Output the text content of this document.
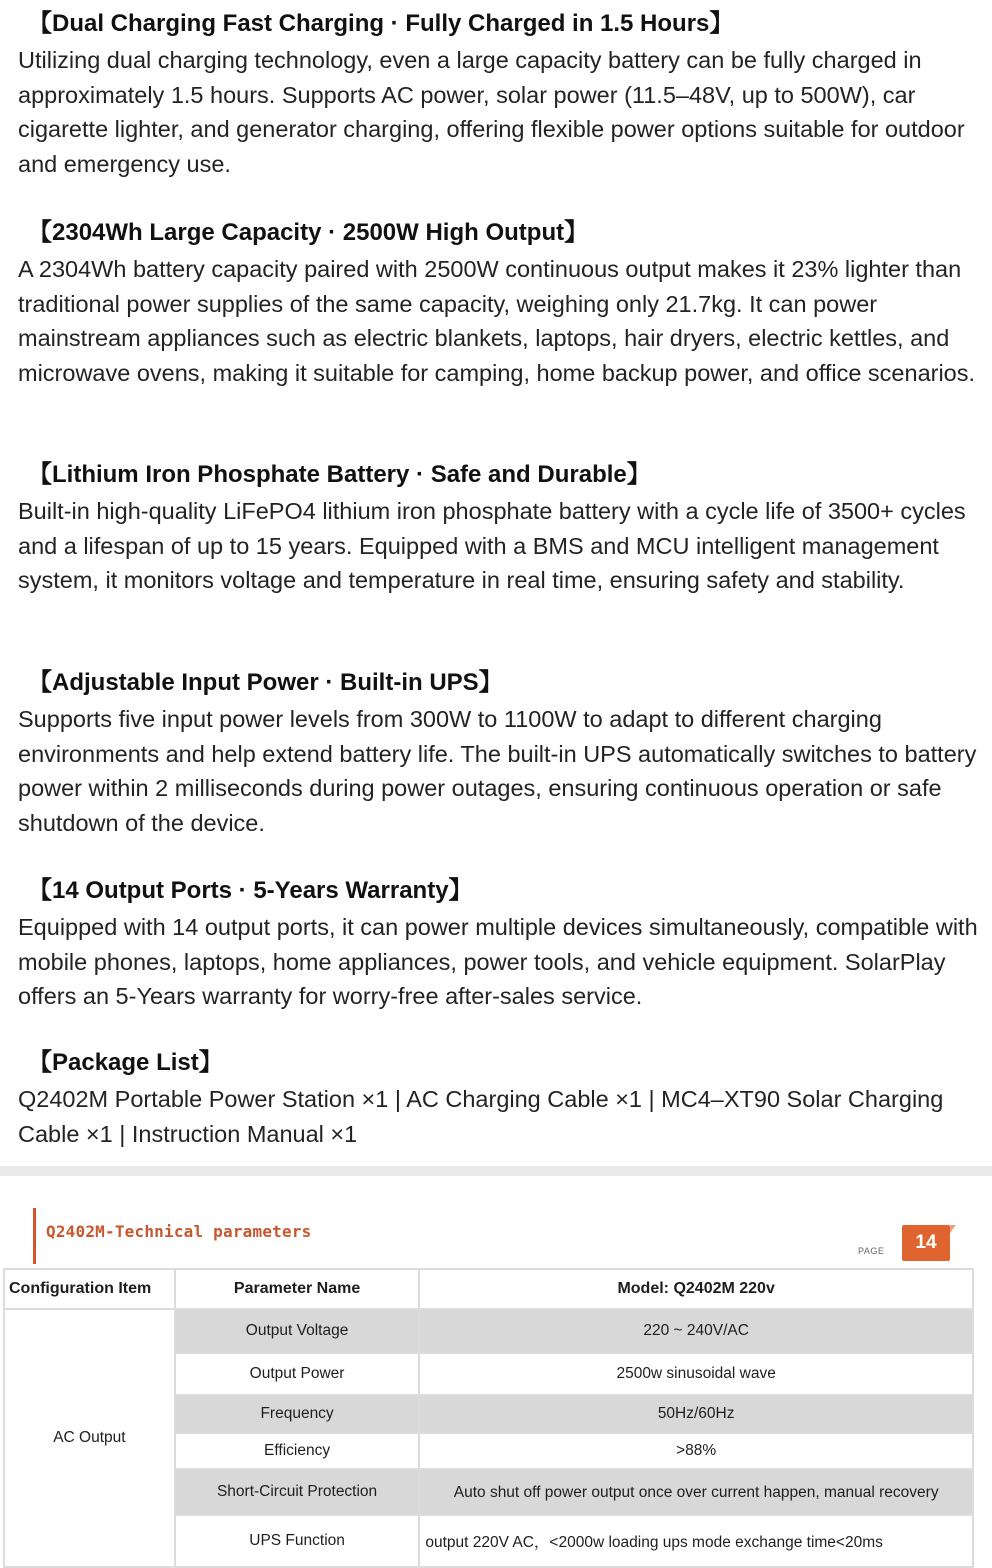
【Dual Charging Fast Charging · Fully Charged in 1.5 Hours】

Utilizing dual charging technology, even a large capacity battery can be fully charged in approximately 1.5 hours. Supports AC power, solar power (11.5–48V, up to 500W), car cigarette lighter, and generator charging, offering flexible power options suitable for outdoor and emergency use.

【2304Wh Large Capacity · 2500W High Output】

A 2304Wh battery capacity paired with 2500W continuous output makes it 23% lighter than traditional power supplies of the same capacity, weighing only 21.7kg. It can power mainstream appliances such as electric blankets, laptops, hair dryers, electric kettles, and microwave ovens, making it suitable for camping, home backup power, and office scenarios.

【Lithium Iron Phosphate Battery · Safe and Durable】

Built-in high-quality LiFePO4 lithium iron phosphate battery with a cycle life of 3500+ cycles and a lifespan of up to 15 years. Equipped with a BMS and MCU intelligent management system, it monitors voltage and temperature in real time, ensuring safety and stability.

【Adjustable Input Power · Built-in UPS】

Supports five input power levels from 300W to 1100W to adapt to different charging environments and help extend battery life. The built-in UPS automatically switches to battery power within 2 milliseconds during power outages, ensuring continuous operation or safe shutdown of the device.

【14 Output Ports · 5-Years Warranty】

Equipped with 14 output ports, it can power multiple devices simultaneously, compatible with mobile phones, laptops, home appliances, power tools, and vehicle equipment. SolarPlay offers an 5-Years warranty for worry-free after-sales service.

【Package List】

Q2402M Portable Power Station ×1 | AC Charging Cable ×1 | MC4–XT90 Solar Charging Cable ×1 | Instruction Manual ×1

Q2402M-Technical parameters
PAGE	14
Configuration Item	Parameter Name	Model: Q2402M 220v
AC Output	Output Voltage	220 ~ 240V/AC
	Output Power	2500w sinusoidal wave
	Frequency	50Hz/60Hz
	Efficiency	>88%
	Short-Circuit Protection	Auto shut off power output once over current happen, manual recovery
	UPS Function	output 220V AC，<2000w loading ups mode exchange time<20ms
